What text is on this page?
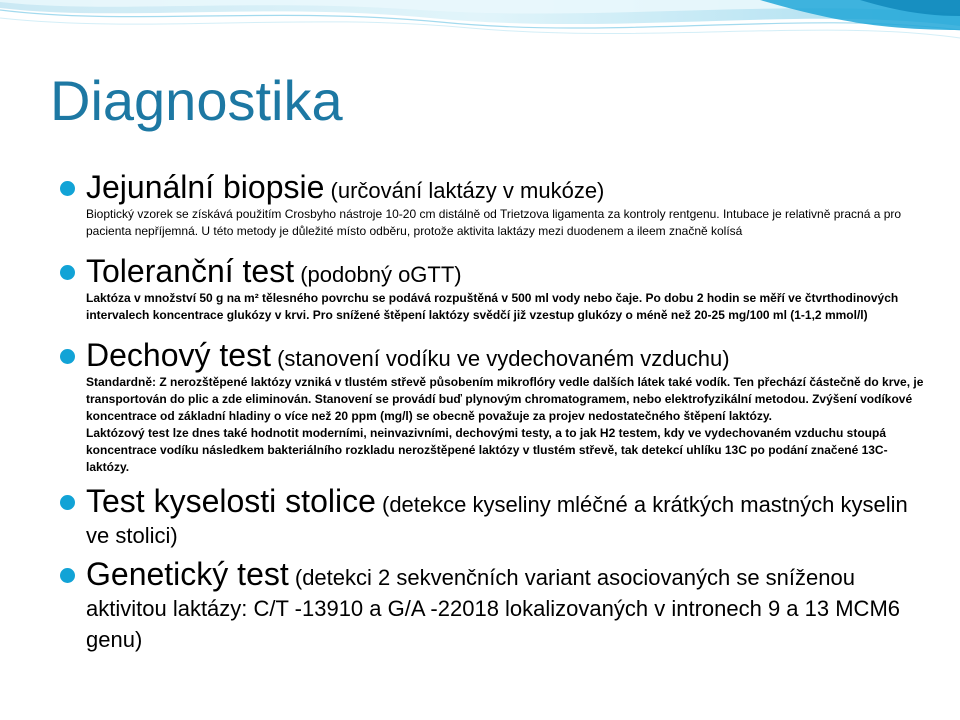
Diagnostika

Jejunální biopsie (určování laktázy v mukóze)

Bioptický vzorek se získává použitím Crosbyho nástroje 10-20 cm distálně od Trietzova ligamenta za kontroly rentgenu. Intubace je relativně pracná a pro pacienta nepříjemná. U této metody je důležité místo odběru, protože aktivita laktázy mezi duodenem a ileem značně kolísá

Toleranční test (podobný oGTT)

Laktóza v množství 50 g na m² tělesného povrchu se podává rozpuštěná v 500 ml vody nebo čaje. Po dobu 2 hodin se měří ve čtvrthodinových intervalech koncentrace glukózy v krvi. Pro snížené štěpení laktózy svědčí již vzestup glukózy o méně než 20-25 mg/100 ml (1-1,2 mmol/l)

Dechový test (stanovení vodíku ve vydechovaném vzduchu)

Standardně: Z nerozštěpené laktózy vzniká v tlustém střevě působením mikroflóry vedle dalších látek také vodík. Ten přechází částečně do krve, je transportován do plic a zde eliminován. Stanovení se provádí buď plynovým chromatogramem, nebo elektrofyzikální metodou. Zvýšení vodíkové koncentrace od základní hladiny o více než 20 ppm (mg/l) se obecně považuje za projev nedostatečného štěpení laktózy.

Laktózový test lze dnes také hodnotit moderními, neinvazivními, dechovými testy, a to jak H2 testem, kdy ve vydechovaném vzduchu stoupá koncentrace vodíku následkem bakteriálního rozkladu nerozštěpené laktózy v tlustém střevě, tak detekcí uhlíku 13C po podání značené 13C-laktózy.

Test kyselosti stolice (detekce kyseliny mléčné a krátkých mastných kyselin ve stolici)

Genetický test (detekci 2 sekvenčních variant asociovaných se sníženou aktivitou laktázy: C/T -13910 a G/A -22018 lokalizovaných v intronech 9 a 13 MCM6 genu)
